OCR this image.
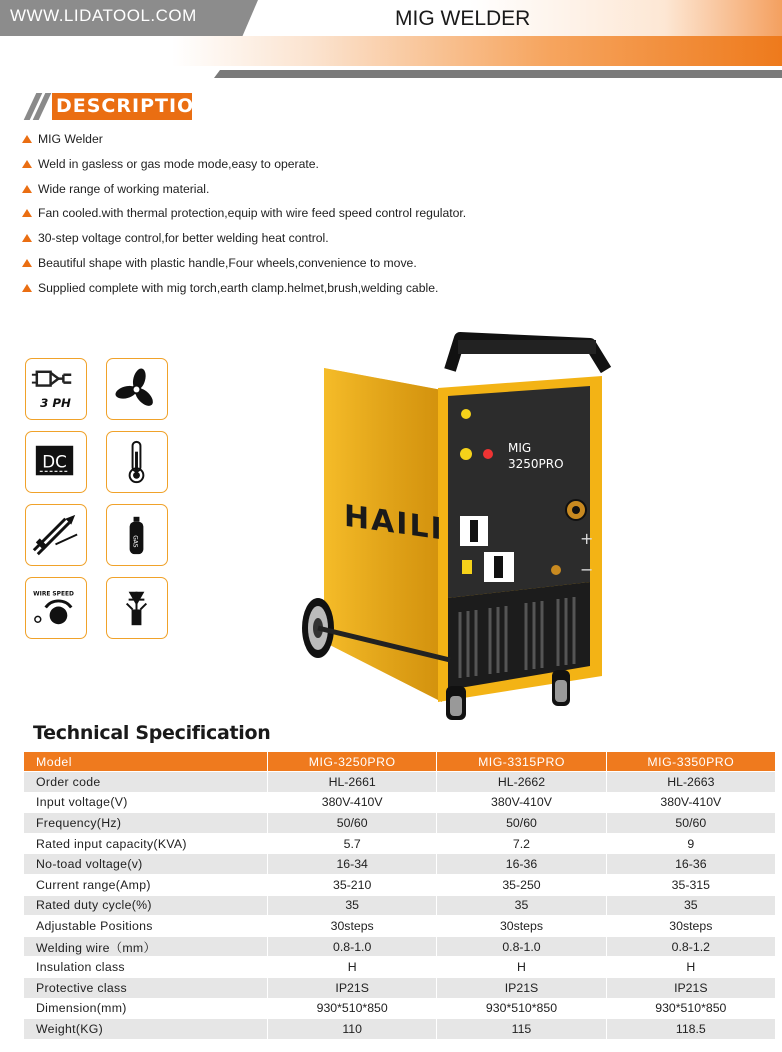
WWW.LIDATOOL.COM	MIG WELDER
DESCRIPTION
MIG Welder
Weld in gasless or gas mode mode,easy to operate.
Wide range of working material.
Fan cooled.with thermal protection,equip with wire feed speed control regulator.
30-step voltage control,for better welding heat control.
Beautiful shape with plastic handle,Four wheels,convenience to move.
Supplied complete with mig torch,earth clamp.helmet,brush,welding cable.
3 PH
DC
GAS
WIRE SPEED
MIG
3250PRO
+
−
HAILI
Technical Specification
Model	MIG-3250PRO	MIG-3315PRO	MIG-3350PRO
Order code	HL-2661	HL-2662	HL-2663
Input voltage(V)	380V-410V	380V-410V	380V-410V
Frequency(Hz)	50/60	50/60	50/60
Rated input capacity(KVA)	5.7	7.2	9
No-toad voltage(v)	16-34	16-36	16-36
Current range(Amp)	35-210	35-250	35-315
Rated duty cycle(%)	35	35	35
Adjustable Positions	30steps	30steps	30steps
Welding wire（mm）	0.8-1.0	0.8-1.0	0.8-1.2
Insulation class	H	H	H
Protective class	IP21S	IP21S	IP21S
Dimension(mm)	930*510*850	930*510*850	930*510*850
Weight(KG)	110	115	118.5
